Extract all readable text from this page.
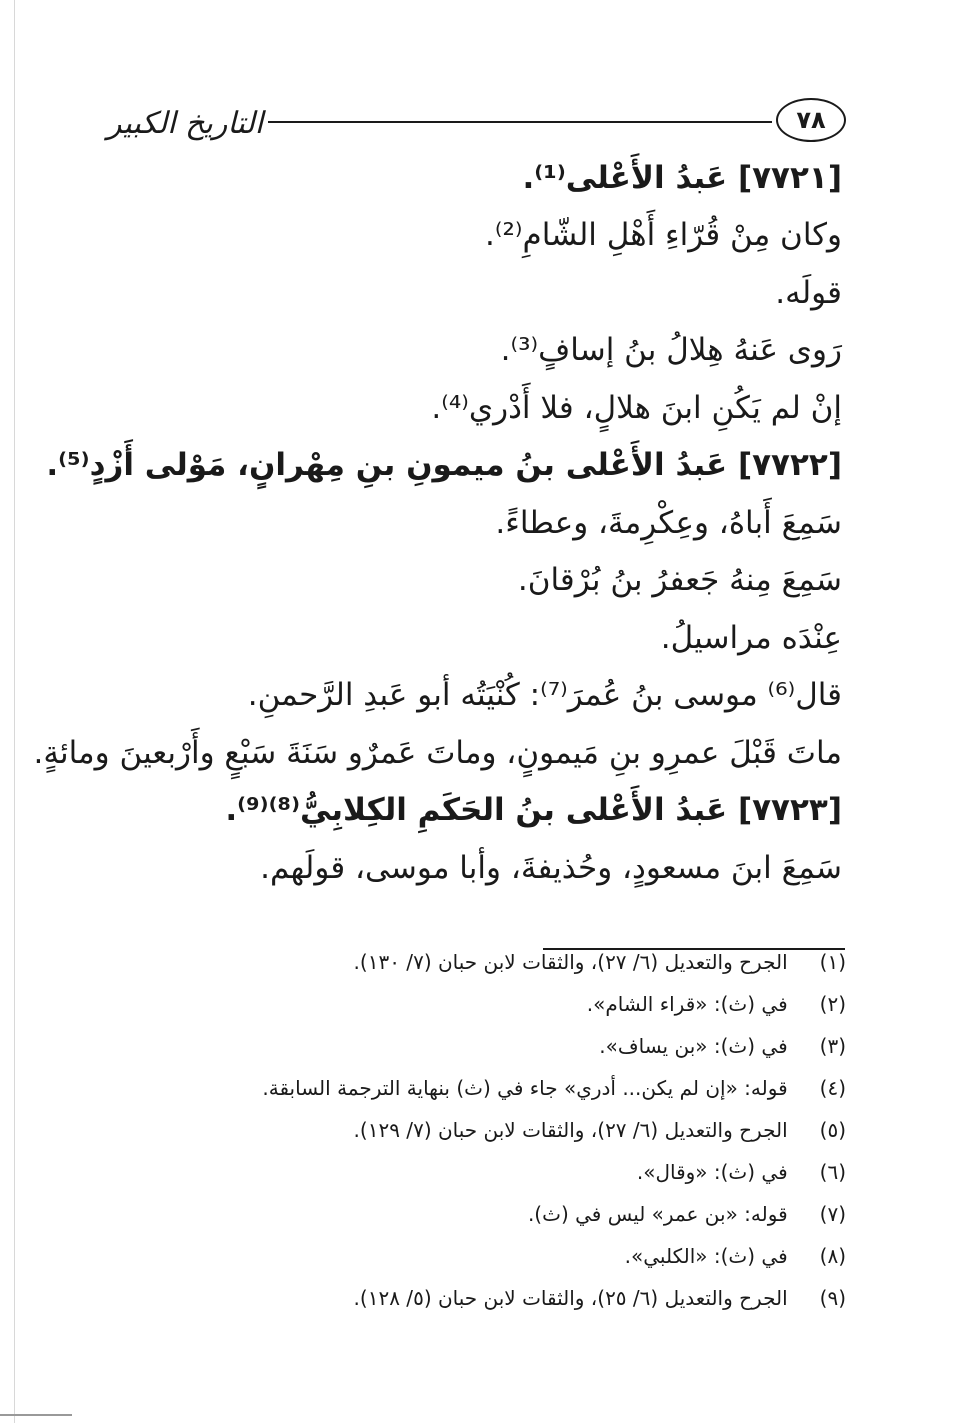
التاريخ الكبير	٧٨
[٧٧٢١] عَبدُ الأَعْلى⁽¹⁾.
وكان مِنْ قُرّاءِ أَهْلِ الشّامِ⁽²⁾.
قولَه.
رَوى عَنهُ هِلالُ بنُ إسافٍ⁽³⁾.
إنْ لم يَكُنِ ابنَ هلالٍ، فلا أَدْري⁽⁴⁾.
[٧٧٢٢] عَبدُ الأَعْلى بنُ ميمونِ بنِ مِهْرانٍ، مَوْلى أَزْدٍ⁽⁵⁾.
سَمِعَ أَباهُ، وعِكْرِمةَ، وعطاءً.
سَمِعَ مِنهُ جَعفرُ بنُ بُرْقانَ.
عِنْدَه مراسيلُ.
قال⁽⁶⁾ موسى بنُ عُمرَ⁽⁷⁾: كُنْيَتُه أبو عَبدِ الرَّحمنِ.
ماتَ قَبْلَ عمرِو بنِ مَيمونٍ، وماتَ عَمرٌو سَنَةَ سَبْعٍ وأَرْبعينَ ومائةٍ.
[٧٧٢٣] عَبدُ الأَعْلى بنُ الحَكَمِ الكِلابِيُّ⁽⁸⁾⁽⁹⁾.
سَمِعَ ابنَ مسعودٍ، وحُذيفةَ، وأبا موسى، قولَهم.
(١) الجرح والتعديل (٦/ ٢٧)، والثقات لابن حبان (٧/ ١٣٠).
(٢) في (ث): «قراء الشام».
(٣) في (ث): «بن يساف».
(٤) قوله: «إن لم يكن... أدري» جاء في (ث) بنهاية الترجمة السابقة.
(٥) الجرح والتعديل (٦/ ٢٧)، والثقات لابن حبان (٧/ ١٢٩).
(٦) في (ث): «وقال».
(٧) قوله: «بن عمر» ليس في (ث).
(٨) في (ث): «الكلبي».
(٩) الجرح والتعديل (٦/ ٢٥)، والثقات لابن حبان (٥/ ١٢٨).
